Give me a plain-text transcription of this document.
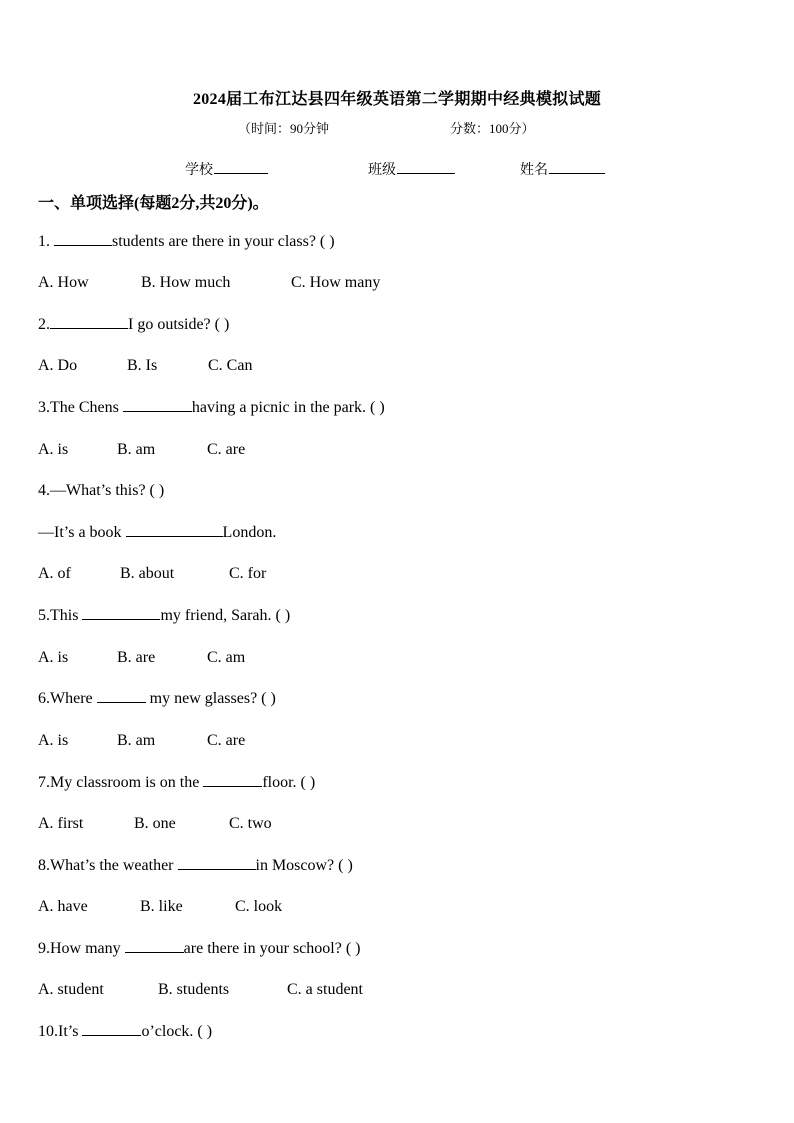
2024届工布江达县四年级英语第二学期期中经典模拟试题
（时间：90分钟	分数：100分）
学校	班级	姓名
一、单项选择(每题2分,共20分)。
1.	students are there in your class? ( )
A. How	B. How much	C. How many
2.	I go outside? ( )
A. Do	B. Is	C. Can
3.The Chens	having a picnic in the park. ( )
A. is	B. am	C. are
4.—What’s this? ( )
—It’s a book	London.
A. of	B. about	C. for
5.This	my friend, Sarah. ( )
A. is	B. are	C. am
6.Where	my new glasses? ( )
A. is	B. am	C. are
7.My classroom is on the	floor. ( )
A. first	B. one	C. two
8.What’s the weather	in Moscow? ( )
A. have	B. like	C. look
9.How many	are there in your school? ( )
A. student	B. students	C. a student
10.It’s	o’clock. ( )
